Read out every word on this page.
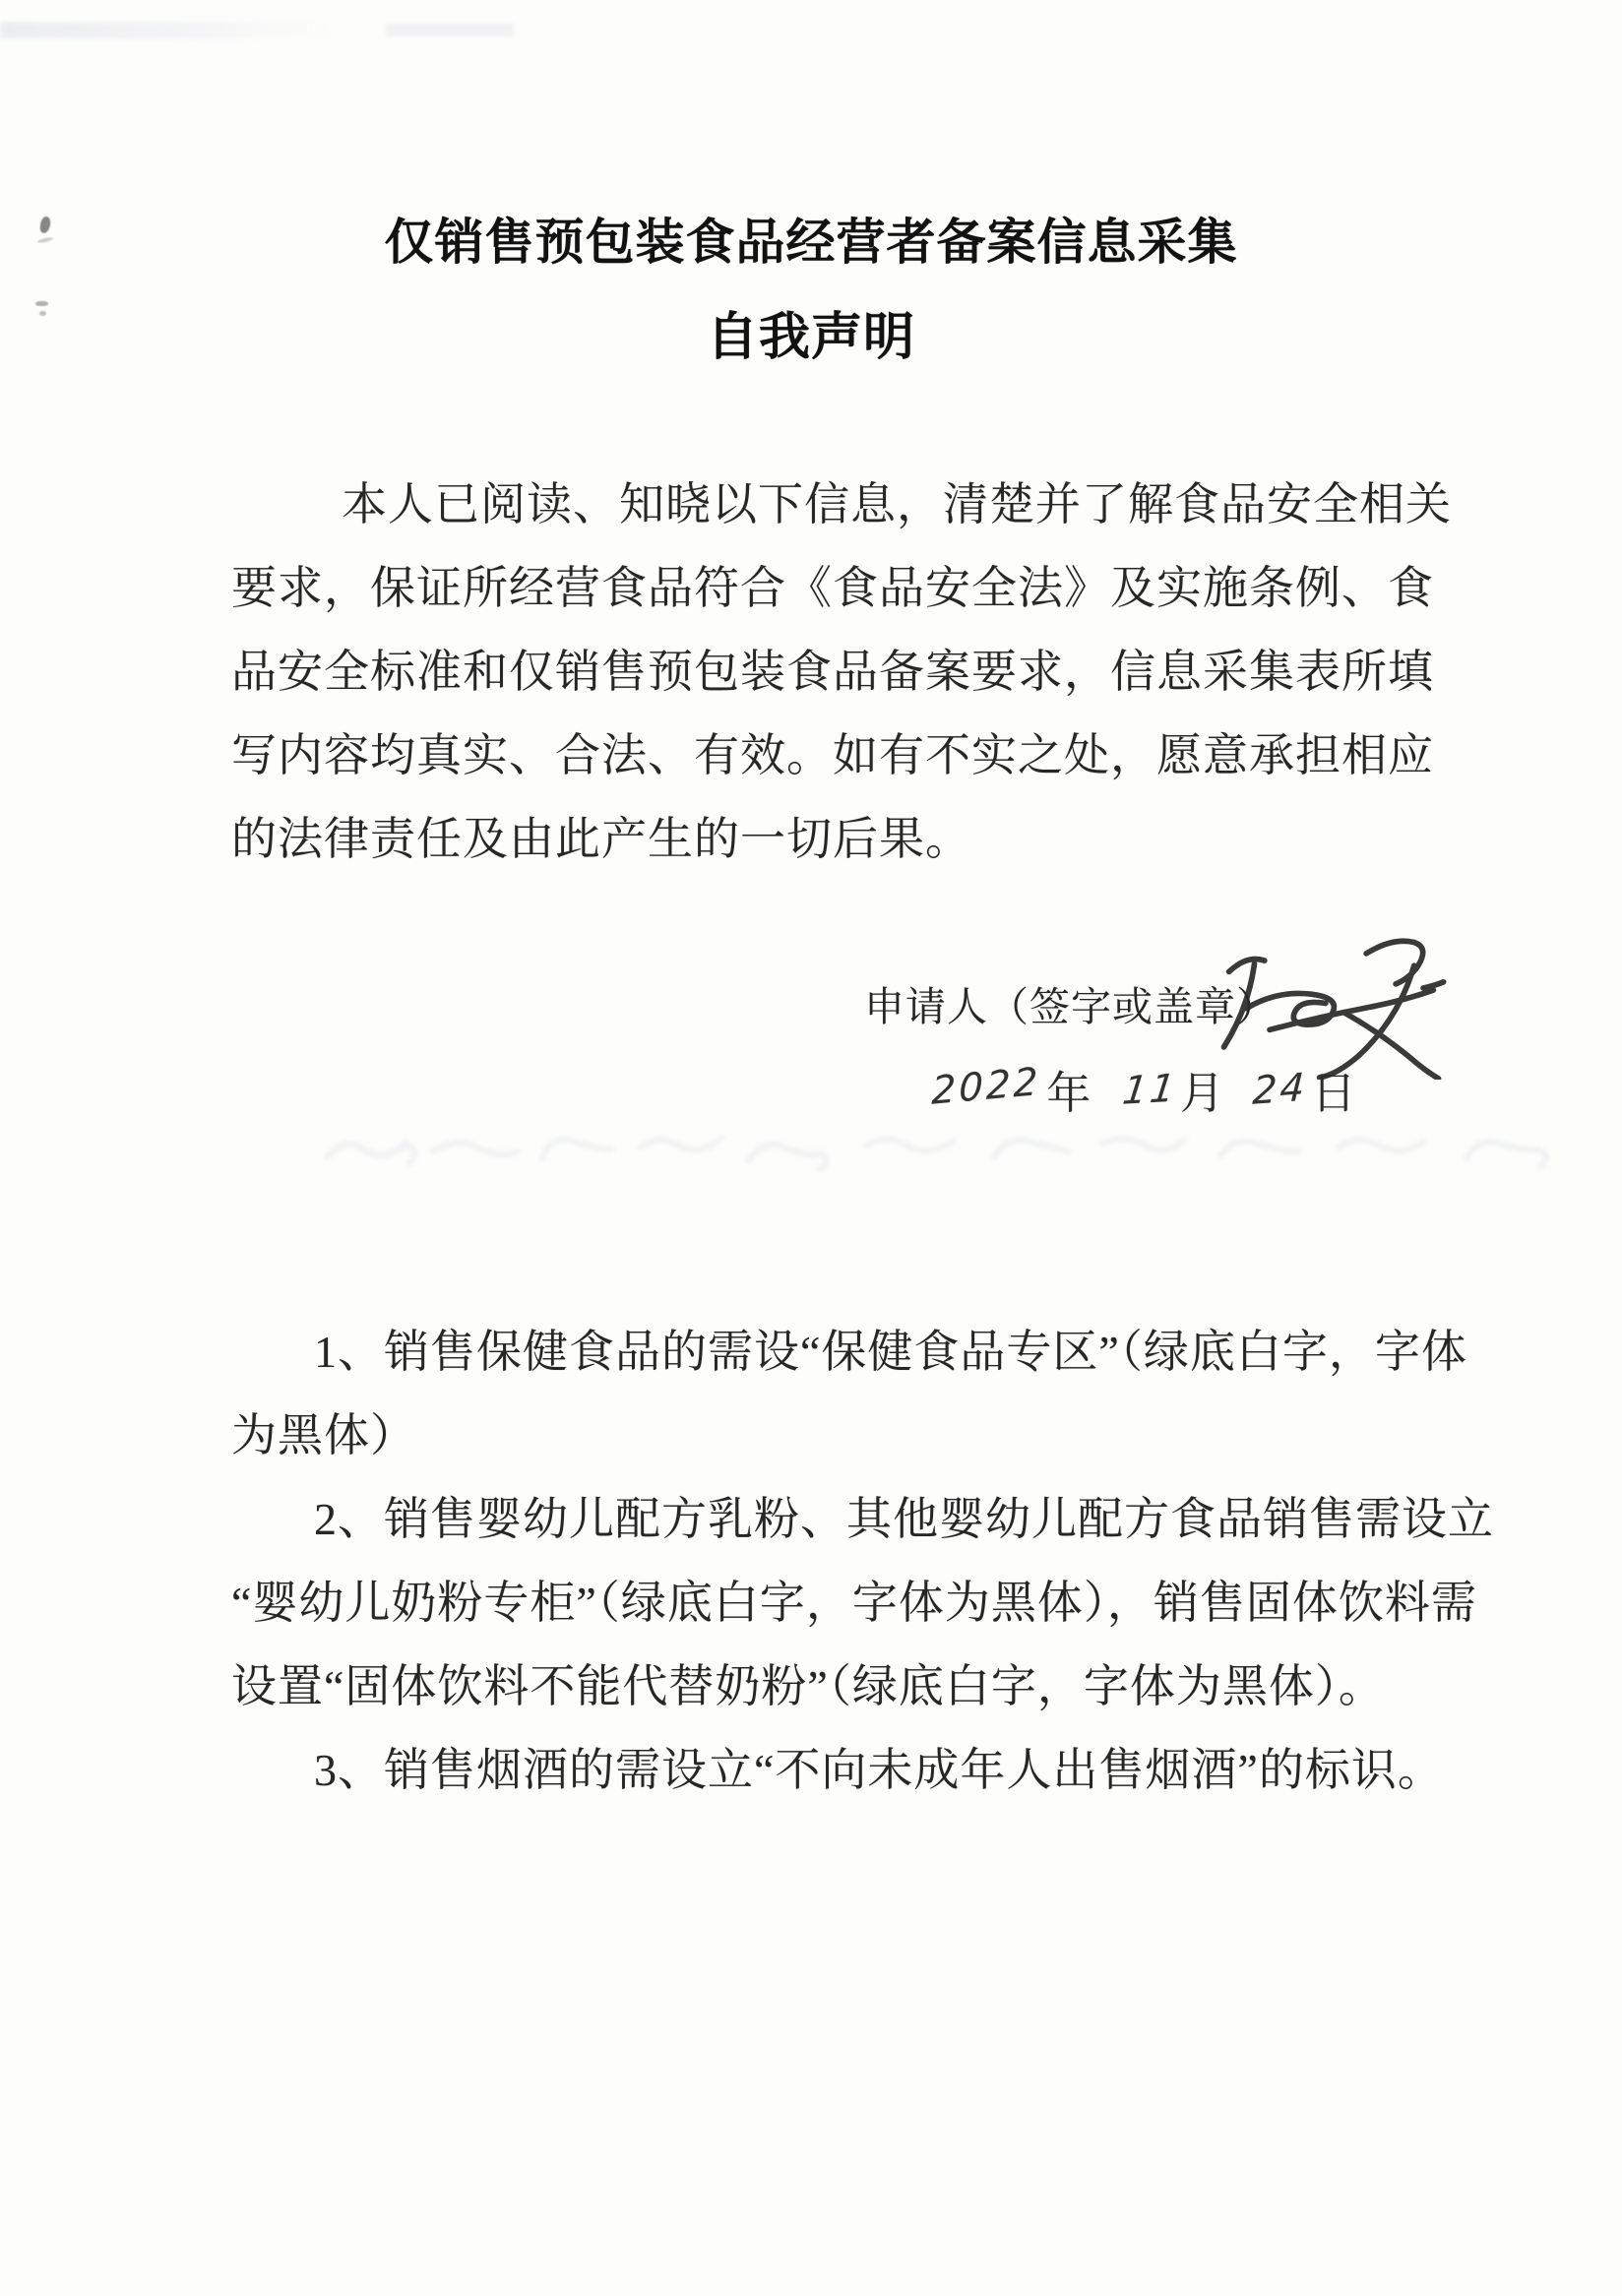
仅销售预包装食品经营者备案信息采集
自我声明
本人已阅读、知晓以下信息，清楚并了解食品安全相关
要求，保证所经营食品符合《食品安全法》及实施条例、食
品安全标准和仅销售预包装食品备案要求，信息采集表所填
写内容均真实、合法、有效。如有不实之处，愿意承担相应
的法律责任及由此产生的一切后果。
申请人（签字或盖章）
2022 年 11 月 24 日
1、销售保健食品的需设“保健食品专区”（绿底白字，字体
为黑体）
2、销售婴幼儿配方乳粉、其他婴幼儿配方食品销售需设立
“婴幼儿奶粉专柜”（绿底白字，字体为黑体），销售固体饮料需
设置“固体饮料不能代替奶粉”（绿底白字，字体为黑体）。
3、销售烟酒的需设立“不向未成年人出售烟酒”的标识。
